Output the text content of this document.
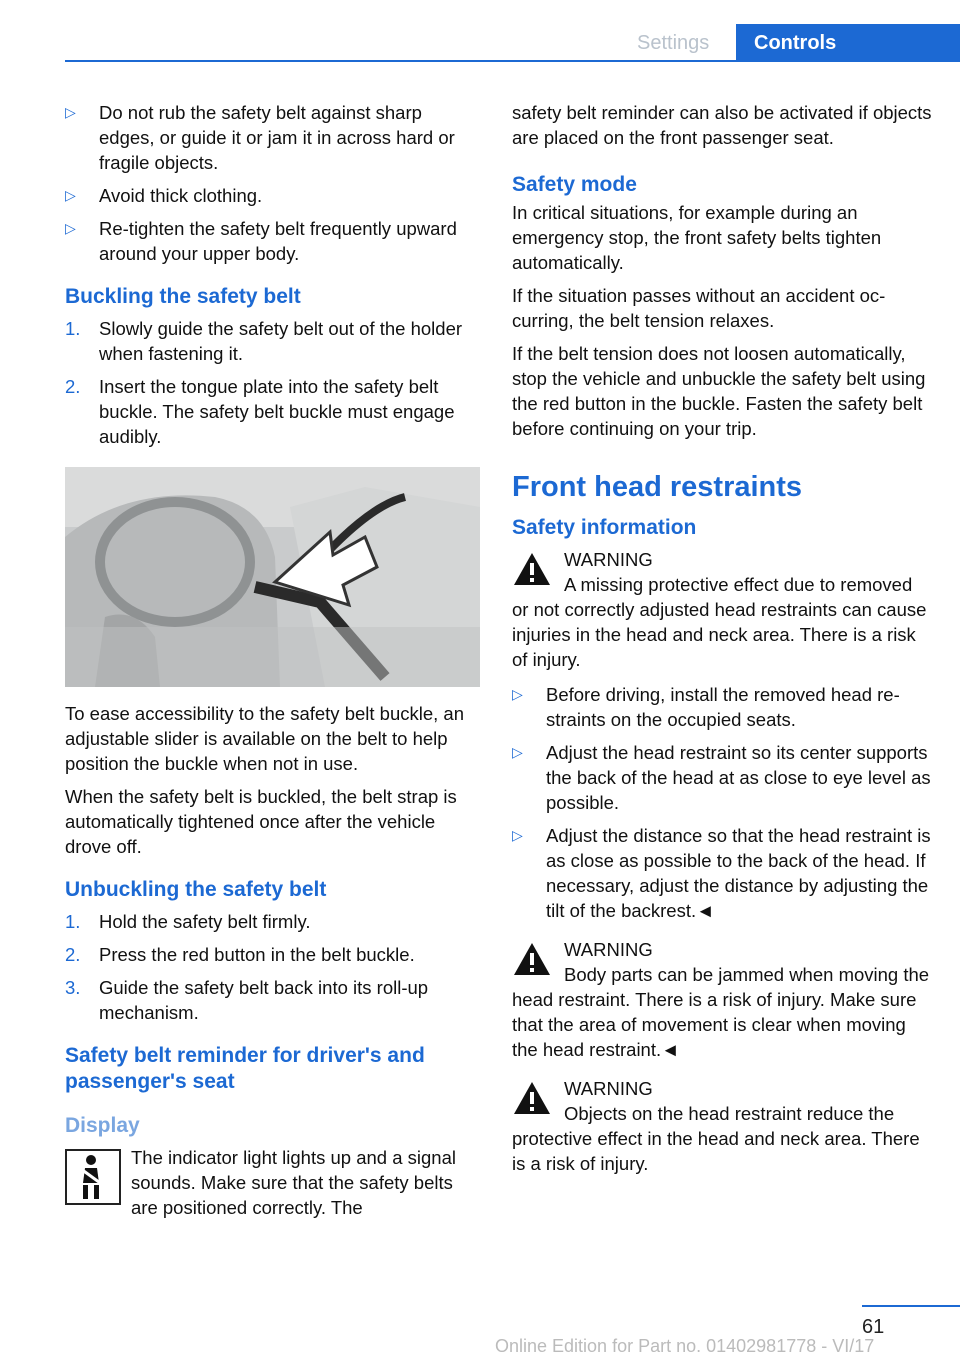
Settings	Controls
▷ Do not rub the safety belt against sharp edges, or guide it or jam it in across hard or fragile objects.
▷ Avoid thick clothing.
▷ Re-tighten the safety belt frequently upward around your upper body.
Buckling the safety belt
1. Slowly guide the safety belt out of the holder when fastening it.
2. Insert the tongue plate into the safety belt buckle. The safety belt buckle must engage audibly.

To ease accessibility to the safety belt buckle, an adjustable slider is available on the belt to help position the buckle when not in use.

When the safety belt is buckled, the belt strap is automatically tightened once after the vehicle drove off.

Unbuckling the safety belt
1. Hold the safety belt firmly.
2. Press the red button in the belt buckle.
3. Guide the safety belt back into its roll-up mechanism.
Safety belt reminder for driver's and passenger's seat
Display

The indicator light lights up and a signal sounds. Make sure that the safety belts are positioned correctly. The

safety belt reminder can also be activated if objects are placed on the front passenger seat.

Safety mode

In critical situations, for example during an emergency stop, the front safety belts tighten automatically.

If the situation passes without an accident occurring, the belt tension relaxes.

If the belt tension does not loosen automatically, stop the vehicle and unbuckle the safety belt using the red button in the buckle. Fasten the safety belt before continuing on your trip.

Front head restraints
Safety information
WARNING
A missing protective effect due to removed or not correctly adjusted head restraints can cause injuries in the head and neck area. There is a risk of injury.
▷ Before driving, install the removed head restraints on the occupied seats.
▷ Adjust the head restraint so its center supports the back of the head at as close to eye level as possible.
▷ Adjust the distance so that the head restraint is as close as possible to the back of the head. If necessary, adjust the distance by adjusting the tilt of the backrest.◄
WARNING
Body parts can be jammed when moving the head restraint. There is a risk of injury. Make sure that the area of movement is clear when moving the head restraint.◄
WARNING
Objects on the head restraint reduce the protective effect in the head and neck area. There is a risk of injury.
61
Online Edition for Part no. 01402981778 - VI/17
